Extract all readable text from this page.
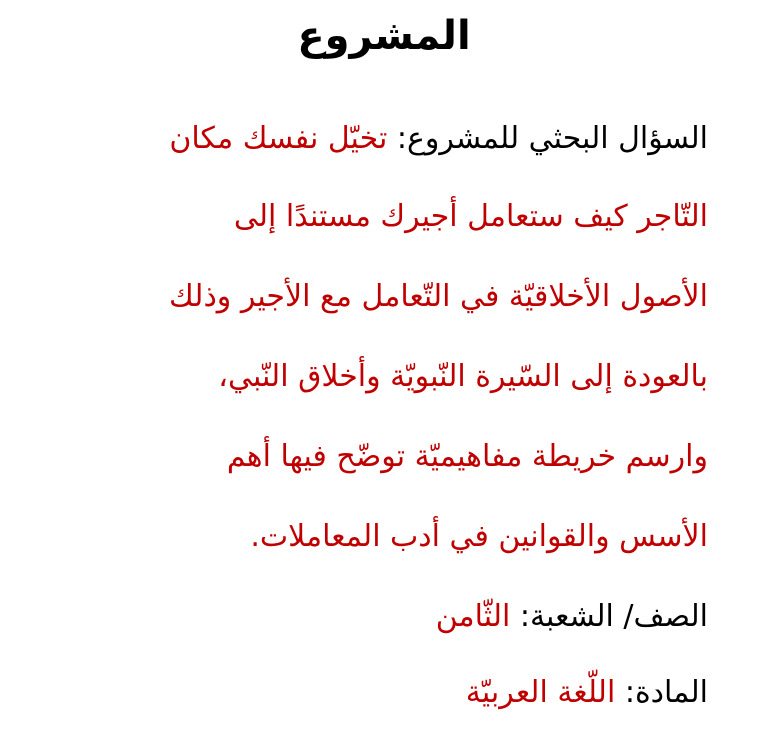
المشروع
السؤال البحثي للمشروع: تخيّل نفسك مكان
التّاجر كيف ستعامل أجيرك مستندًا إلى
الأصول الأخلاقيّة في التّعامل مع الأجير وذلك
بالعودة إلى السّيرة النّبويّة وأخلاق النّبي،
وارسم خريطة مفاهيميّة توضّح فيها أهم
الأسس والقوانين في أدب المعاملات.
الصف/ الشعبة: الثّامن
المادة: اللّغة العربيّة
